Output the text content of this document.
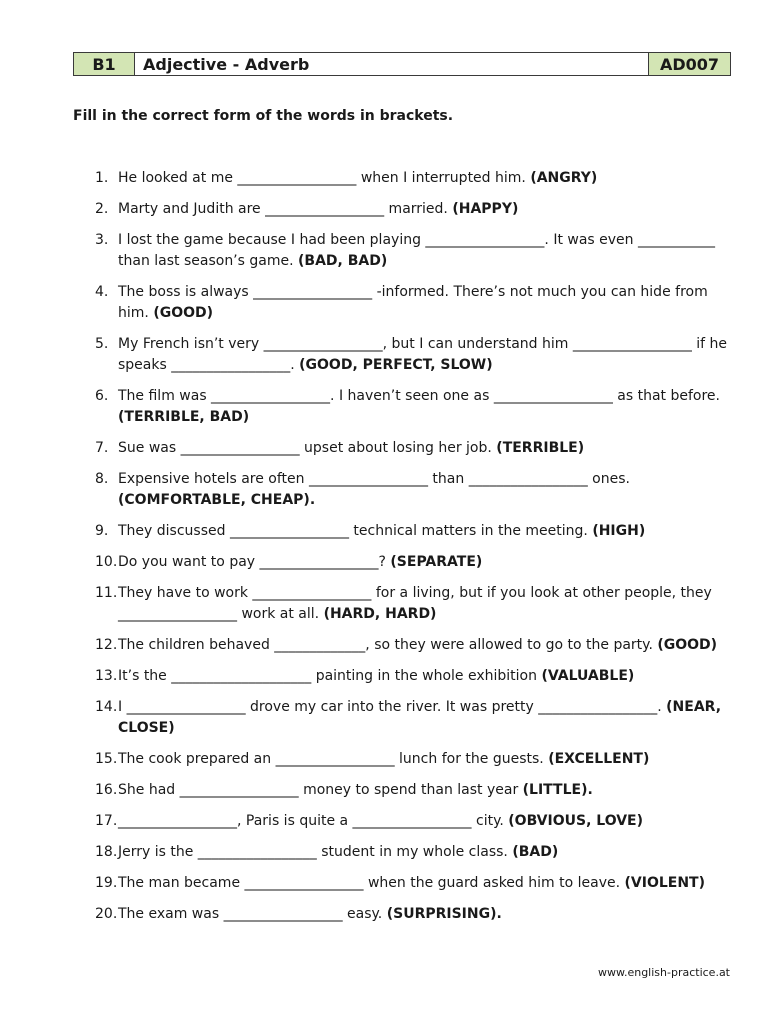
B1	Adjective - Adverb	AD007
Fill in the correct form of the words in brackets.
1. He looked at me _________________ when I interrupted him. (ANGRY)
2. Marty and Judith are _________________ married. (HAPPY)
3. I lost the game because I had been playing _________________. It was even ___________ than last season’s game. (BAD, BAD)
4. The boss is always _________________ -informed. There’s not much you can hide from him. (GOOD)
5. My French isn’t very _________________, but I can understand him _________________ if he speaks _________________. (GOOD, PERFECT, SLOW)
6. The film was _________________. I haven’t seen one as _________________ as that before. (TERRIBLE, BAD)
7. Sue was _________________ upset about losing her job. (TERRIBLE)
8. Expensive hotels are often _________________ than _________________ ones. (COMFORTABLE, CHEAP).
9. They discussed _________________ technical matters in the meeting. (HIGH)
10. Do you want to pay _________________? (SEPARATE)
11. They have to work _________________ for a living, but if you look at other people, they _________________ work at all. (HARD, HARD)
12. The children behaved _____________, so they were allowed to go to the party. (GOOD)
13. It’s the ____________________ painting in the whole exhibition (VALUABLE)
14. I _________________ drove my car into the river. It was pretty _________________. (NEAR, CLOSE)
15. The cook prepared an _________________ lunch for the guests. (EXCELLENT)
16. She had _________________ money to spend than last year (LITTLE).
17. _________________, Paris is quite a _________________ city. (OBVIOUS, LOVE)
18. Jerry is the _________________ student in my whole class. (BAD)
19. The man became _________________ when the guard asked him to leave. (VIOLENT)
20. The exam was _________________ easy. (SURPRISING).
www.english-practice.at
